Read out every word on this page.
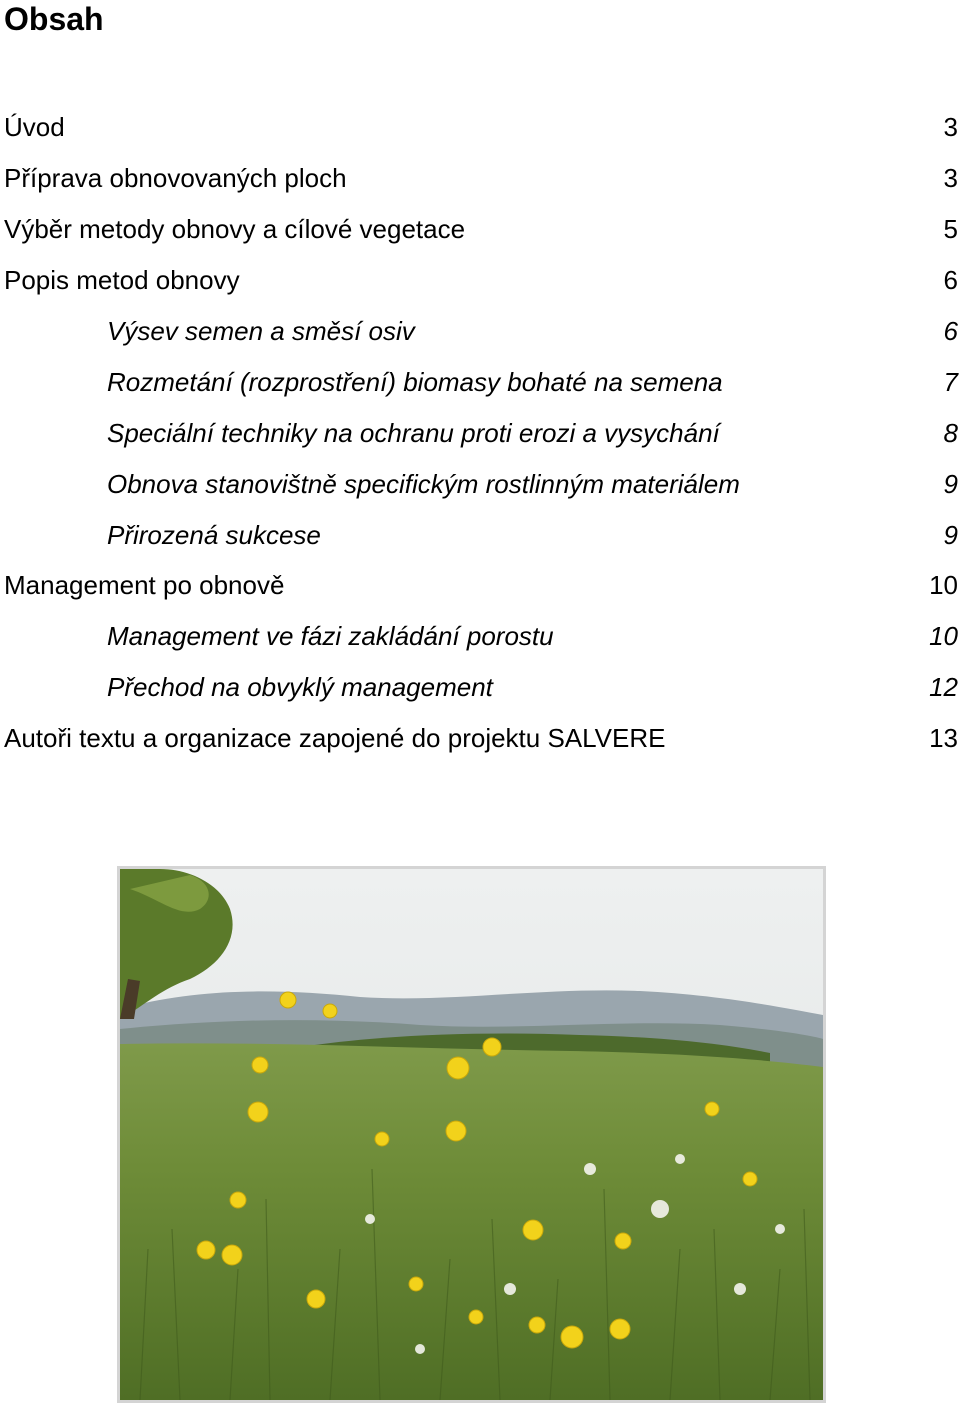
Obsah
Úvod	3
Příprava obnovovaných ploch	3
Výběr metody obnovy a cílové vegetace	5
Popis metod obnovy	6
Výsev semen a směsí osiv	6
Rozmetání (rozprostření) biomasy bohaté na semena	7
Speciální techniky na ochranu proti erozi a vysychání	8
Obnova stanovištně specifickým rostlinným materiálem	9
Přirozená sukcese	9
Management po obnově	10
Management ve fázi zakládání porostu	10
Přechod na obvyklý management	12
Autoři textu a organizace zapojené do projektu SALVERE	13
